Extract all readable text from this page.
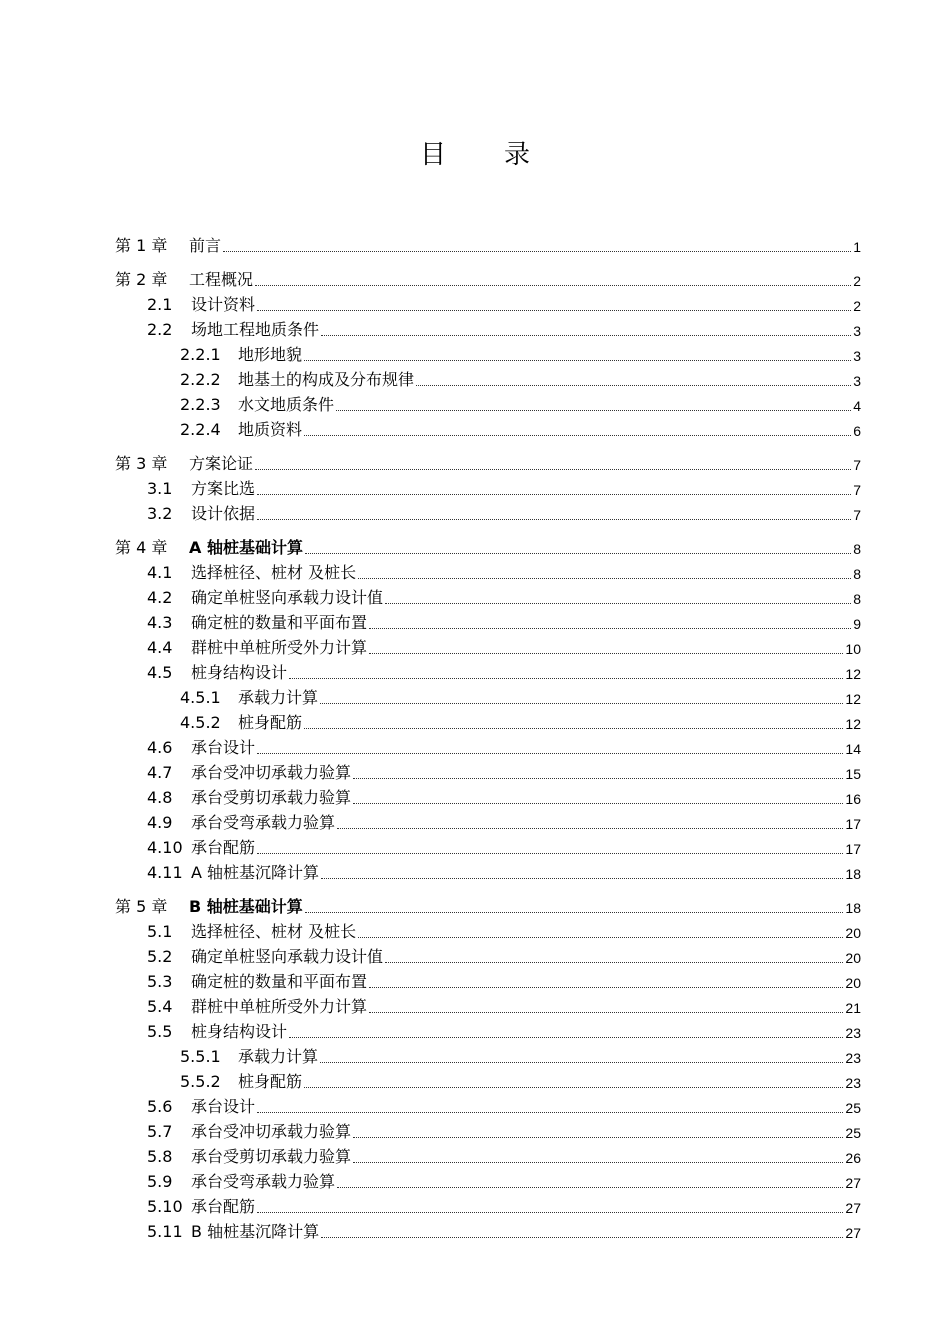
目 录
第 1 章	前言	1
第 2 章	工程概况	2
2.1	设计资料	2
2.2	场地工程地质条件	3
2.2.1	地形地貌	3
2.2.2	地基土的构成及分布规律	3
2.2.3	水文地质条件	4
2.2.4	地质资料	6
第 3 章	方案论证	7
3.1	方案比选	7
3.2	设计依据	7
第 4 章	A 轴桩基础计算	8
4.1	选择桩径、桩材 及桩长	8
4.2	确定单桩竖向承载力设计值	8
4.3	确定桩的数量和平面布置	9
4.4	群桩中单桩所受外力计算	10
4.5	桩身结构设计	12
4.5.1	承载力计算	12
4.5.2	桩身配筋	12
4.6	承台设计	14
4.7	承台受冲切承载力验算	15
4.8	承台受剪切承载力验算	16
4.9	承台受弯承载力验算	17
4.10 承台配筋	17
4.11 A 轴桩基沉降计算	18
第 5 章	B 轴桩基础计算	18
5.1	选择桩径、桩材 及桩长	20
5.2	确定单桩竖向承载力设计值	20
5.3	确定桩的数量和平面布置	20
5.4	群桩中单桩所受外力计算	21
5.5	桩身结构设计	23
5.5.1	承载力计算	23
5.5.2	桩身配筋	23
5.6	承台设计	25
5.7	承台受冲切承载力验算	25
5.8	承台受剪切承载力验算	26
5.9	承台受弯承载力验算	27
5.10 承台配筋	27
5.11 B 轴桩基沉降计算	27
